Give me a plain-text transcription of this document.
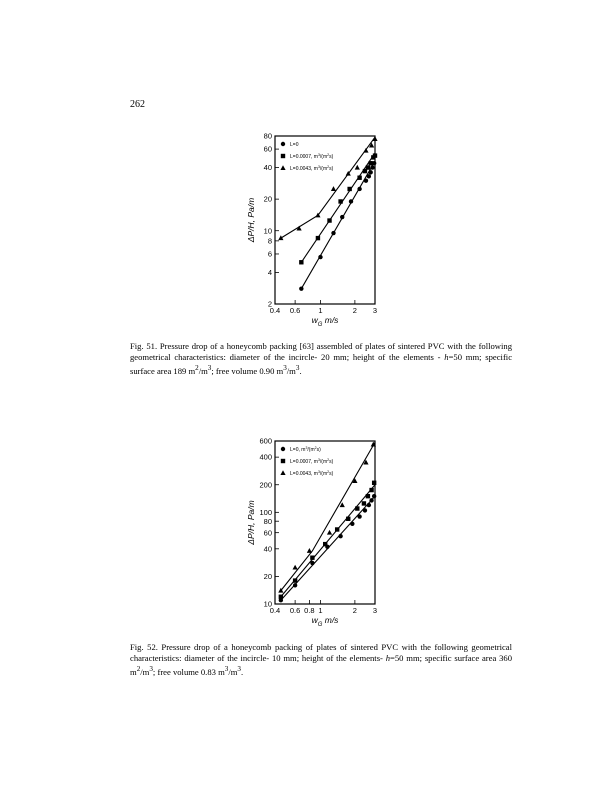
262
2
4
6
8
10
20
40
60
80
0.4 0.6 1	2 3
$w_G$ m/s
ΔP/H, Pa/m
L=0
L=0.0007, $m^3/(m^2s)$
L=0.0043, $m^3/(m^2s)$
Fig. 51. Pressure drop of a honeycomb packing [63] assembled of plates of sintered PVC with the following geometrical characteristics: diameter of the incircle- 20 mm; height of the elements - h=50 mm; specific surface area 189 $m^2/m^3$; free volume 0.90 $m^3/m^3$.
10
20
40
60
80
100
200
400
600
0.4 0.6 0.8 1	2 3
$w_G$ m/s
ΔP/H, Pa/m
L=0, $m^3/(m^2s)$
L=0.0007, $m^3/(m^2s)$
L=0.0043, $m^3/(m^2s)$
Fig. 52. Pressure drop of a honeycomb packing of plates of sintered PVC with the following geometrical characteristics: diameter of the incircle- 10 mm; height of the elements- h=50 mm; specific surface area 360 $m^2/m^3$; free volume 0.83 $m^3/m^3$.
